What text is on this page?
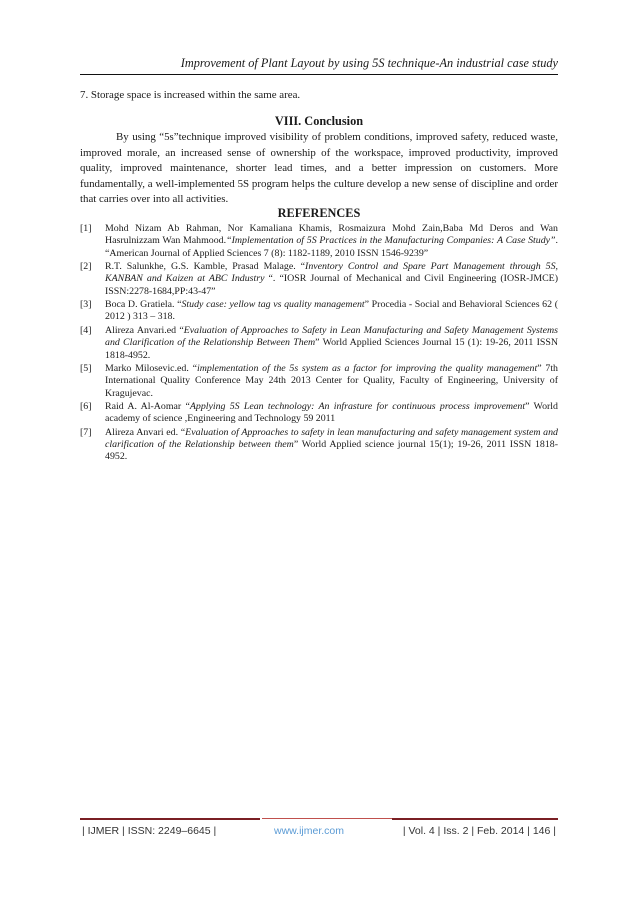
Improvement of Plant Layout by using 5S technique-An industrial case study
7. Storage space is increased within the same area.
VIII. Conclusion
By using “5s”technique improved visibility of problem conditions, improved safety, reduced waste, improved morale, an increased sense of ownership of the workspace, improved productivity, improved quality, improved maintenance, shorter lead times, and a better impression on customers. More fundamentally, a well-implemented 5S program helps the culture develop a new sense of discipline and order that carries over into all activities.
REFERENCES
[1]	Mohd Nizam Ab Rahman, Nor Kamaliana Khamis, Rosmaizura Mohd Zain,Baba Md Deros and Wan Hasrulnizzam Wan Mahmood.“Implementation of 5S Practices in the Manufacturing Companies: A Case Study”. “American Journal of Applied Sciences 7 (8): 1182-1189, 2010 ISSN 1546-9239”
[2]	R.T. Salunkhe, G.S. Kamble, Prasad Malage. “Inventory Control and Spare Part Management through 5S, KANBAN and Kaizen at ABC Industry “. “IOSR Journal of Mechanical and Civil Engineering (IOSR-JMCE) ISSN:2278-1684,PP:43-47”
[3]	Boca D. Gratiela. “Study case: yellow tag vs quality management” Procedia - Social and Behavioral Sciences 62 ( 2012 ) 313 – 318.
[4]	Alireza Anvari.ed “Evaluation of Approaches to Safety in Lean Manufacturing and Safety Management Systems and Clarification of the Relationship Between Them” World Applied Sciences Journal 15 (1): 19-26, 2011 ISSN 1818-4952.
[5]	Marko Milosevic.ed. “implementation of the 5s system as a factor for improving the quality management” 7th International Quality Conference May 24th 2013 Center for Quality, Faculty of Engineering, University of Kragujevac.
[6]	Raid A. Al-Aomar “Applying 5S Lean technology: An infrasture for continuous process improvement” World academy of science ,Engineering and Technology 59 2011
[7]	Alireza Anvari ed. “Evaluation of Approaches to safety in lean manufacturing and safety management system and clarification of the Relationship between them” World Applied science journal 15(1); 19-26, 2011 ISSN 1818-4952.
| IJMER | ISSN: 2249–6645 |	www.ijmer.com	| Vol. 4 | Iss. 2 | Feb. 2014 | 146 |
